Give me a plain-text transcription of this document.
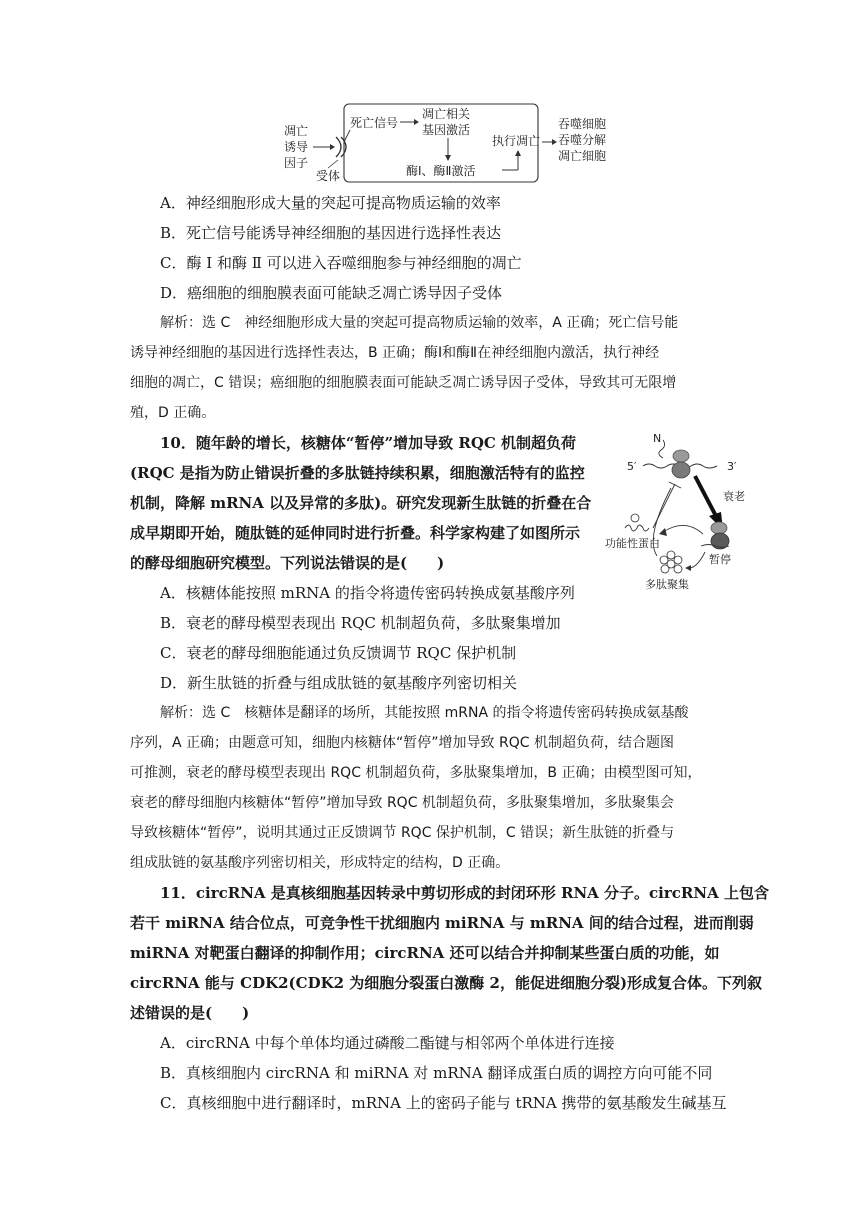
凋亡
诱导
因子
受体
死亡信号
凋亡相关
基因激活
酶Ⅰ、酶Ⅱ激活
执行凋亡
吞噬细胞
吞噬分解
凋亡细胞
A．神经细胞形成大量的突起可提高物质运输的效率
B．死亡信号能诱导神经细胞的基因进行选择性表达
C．酶 Ⅰ 和酶 Ⅱ 可以进入吞噬细胞参与神经细胞的凋亡
D．癌细胞的细胞膜表面可能缺乏凋亡诱导因子受体
解析：选 C　神经细胞形成大量的突起可提高物质运输的效率，A 正确；死亡信号能
诱导神经细胞的基因进行选择性表达，B 正确；酶Ⅰ和酶Ⅱ在神经细胞内激活，执行神经
细胞的凋亡，C 错误；癌细胞的细胞膜表面可能缺乏凋亡诱导因子受体，导致其可无限增
殖，D 正确。
10．随年龄的增长，核糖体“暂停”增加导致 RQC 机制超负荷
(RQC 是指为防止错误折叠的多肽链持续积累，细胞激活特有的监控
机制，降解 mRNA 以及异常的多肽)。研究发现新生肽链的折叠在合
成早期即开始，随肽链的延伸同时进行折叠。科学家构建了如图所示
的酵母细胞研究模型。下列说法错误的是(　　)
N
5′	3′
衰老
功能性蛋白
暂停
多肽聚集
A．核糖体能按照 mRNA 的指令将遗传密码转换成氨基酸序列
B．衰老的酵母模型表现出 RQC 机制超负荷，多肽聚集增加
C．衰老的酵母细胞能通过负反馈调节 RQC 保护机制
D．新生肽链的折叠与组成肽链的氨基酸序列密切相关
解析：选 C　核糖体是翻译的场所，其能按照 mRNA 的指令将遗传密码转换成氨基酸
序列，A 正确；由题意可知，细胞内核糖体“暂停”增加导致 RQC 机制超负荷，结合题图
可推测，衰老的酵母模型表现出 RQC 机制超负荷，多肽聚集增加，B 正确；由模型图可知，
衰老的酵母细胞内核糖体“暂停”增加导致 RQC 机制超负荷，多肽聚集增加，多肽聚集会
导致核糖体“暂停”，说明其通过正反馈调节 RQC 保护机制，C 错误；新生肽链的折叠与
组成肽链的氨基酸序列密切相关，形成特定的结构，D 正确。
11．circRNA 是真核细胞基因转录中剪切形成的封闭环形 RNA 分子。circRNA 上包含
若干 miRNA 结合位点，可竞争性干扰细胞内 miRNA 与 mRNA 间的结合过程，进而削弱
miRNA 对靶蛋白翻译的抑制作用；circRNA 还可以结合并抑制某些蛋白质的功能，如
circRNA 能与 CDK2(CDK2 为细胞分裂蛋白激酶 2，能促进细胞分裂)形成复合体。下列叙
述错误的是(　　)
A．circRNA 中每个单体均通过磷酸二酯键与相邻两个单体进行连接
B．真核细胞内 circRNA 和 miRNA 对 mRNA 翻译成蛋白质的调控方向可能不同
C．真核细胞中进行翻译时，mRNA 上的密码子能与 tRNA 携带的氨基酸发生碱基互
